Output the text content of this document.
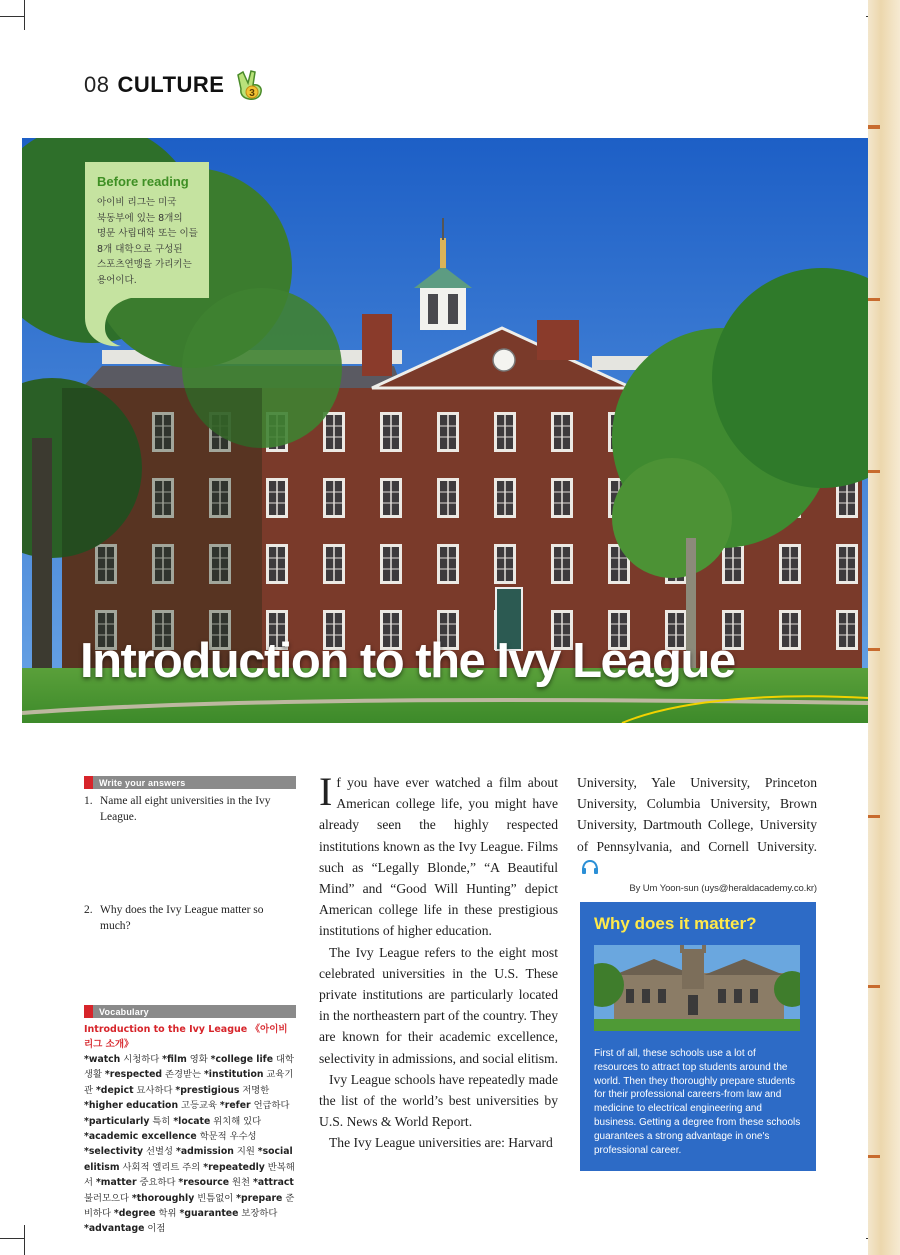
08 CULTURE	3
Before reading
아이비 리그는 미국
북동부에 있는 8개의
명문 사립대학 또는 이들
8개 대학으로 구성된
스포츠연맹을 가리키는
용어이다.
Introduction to the Ivy League
Write your answers
1. Name all eight universities in the Ivy League.
2. Why does the Ivy League matter so much?
Vocabulary
Introduction to the Ivy League 《아이비리그 소개》
*watch 시청하다 *film 영화 *college life 대학 생활 *respected 존경받는 *institution 교육기관 *depict 묘사하다 *prestigious 저명한 *higher education 고등교육 *refer 언급하다 *particularly 특히 *locate 위치해 있다 *academic excellence 학문적 우수성 *selectivity 선별성 *admission 지원 *social elitism 사회적 엘리트 주의 *repeatedly 반복해서 *matter 중요하다 *resource 원천 *attract 불러모으다 *thoroughly 빈틈없이 *prepare 준비하다 *degree 학위 *guarantee 보장하다 *advantage 이점

If you have ever watched a film about American college life, you might have already seen the highly respected institutions known as the Ivy League. Films such as “Legally Blonde,” “A Beautiful Mind” and “Good Will Hunting” depict American college life in these prestigious institutions of higher education.

The Ivy League refers to the eight most celebrated universities in the U.S. These private institutions are particularly located in the northeastern part of the country. They are known for their academic excellence, selectivity in admissions, and social elitism.

Ivy League schools have repeatedly made the list of the world’s best universities by U.S. News & World Report.

The Ivy League universities are: Harvard

University, Yale University, Princeton University, Columbia University, Brown University, Dartmouth College, University of Pennsylvania, and Cornell University.

By Um Yoon-sun (uys@heraldacademy.co.kr)
Why does it matter?
First of all, these schools use a lot of resources to attract top students around the world. Then they thoroughly prepare students for their professional careers-from law and medicine to electrical engineering and business. Getting a degree from these schools guarantees a strong advantage in one's professional career.
